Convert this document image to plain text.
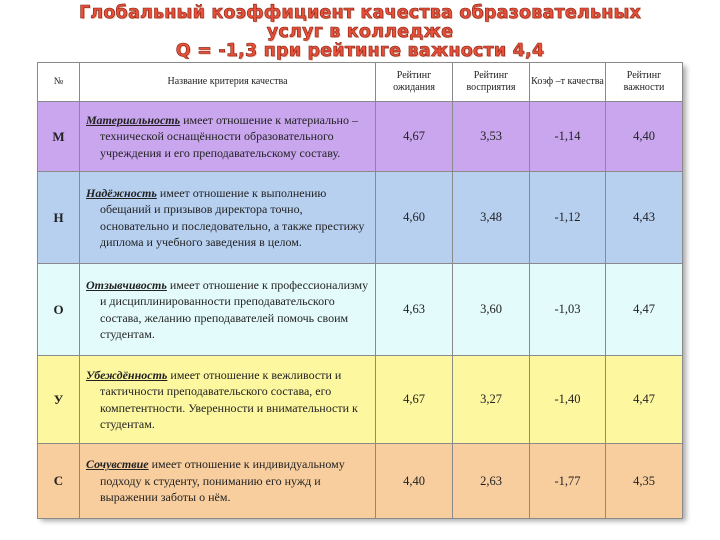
Глобальный коэффициент качества образовательных
услуг в колледже
Q = -1,3 при рейтинге важности 4,4
№	Название критерия качества	Рейтинг ожидания	Рейтинг восприятия	Коэф –т качества	Рейтинг важности
М	Материальность имеет отношение к материально – технической оснащённости образовательного учреждения и его преподавательскому составу.	4,67	3,53	-1,14	4,40
Н	Надёжность имеет отношение к выполнению обещаний и призывов директора точно, основательно и последовательно, а также престижу диплома и учебного заведения в целом.	4,60	3,48	-1,12	4,43
О	Отзывчивость имеет отношение к профессионализму и дисциплинированности преподавательского состава, желанию преподавателей помочь своим студентам.	4,63	3,60	-1,03	4,47
У	Убеждённость имеет отношение к вежливости и тактичности преподавательского состава, его компетентности. Уверенности и внимательности к студентам.	4,67	3,27	-1,40	4,47
С	Сочувствие имеет отношение к индивидуальному подходу к студенту, пониманию его нужд и выражении заботы о нём.	4,40	2,63	-1,77	4,35
